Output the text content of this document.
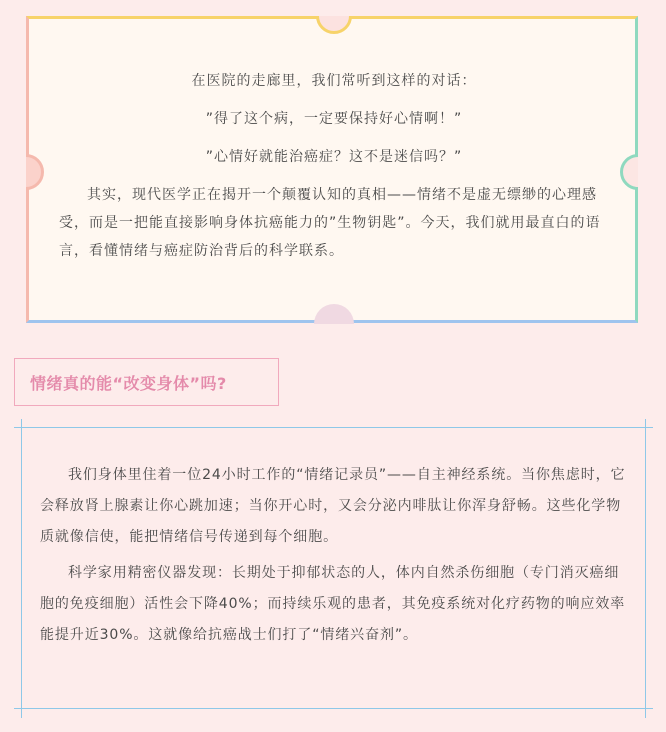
在医院的走廊里，我们常听到这样的对话：

”得了这个病，一定要保持好心情啊！”

”心情好就能治癌症？这不是迷信吗？”

其实，现代医学正在揭开一个颠覆认知的真相——情绪不是虚无缥缈的心理感受，而是一把能直接影响身体抗癌能力的”生物钥匙”。今天，我们就用最直白的语言，看懂情绪与癌症防治背后的科学联系。

情绪真的能“改变身体”吗?

我们身体里住着一位24小时工作的“情绪记录员”——自主神经系统。当你焦虑时，它会释放肾上腺素让你心跳加速；当你开心时，又会分泌内啡肽让你浑身舒畅。这些化学物质就像信使，能把情绪信号传递到每个细胞。

科学家用精密仪器发现：长期处于抑郁状态的人，体内自然杀伤细胞（专门消灭癌细胞的免疫细胞）活性会下降40%；而持续乐观的患者，其免疫系统对化疗药物的响应效率能提升近30%。这就像给抗癌战士们打了“情绪兴奋剂”。
